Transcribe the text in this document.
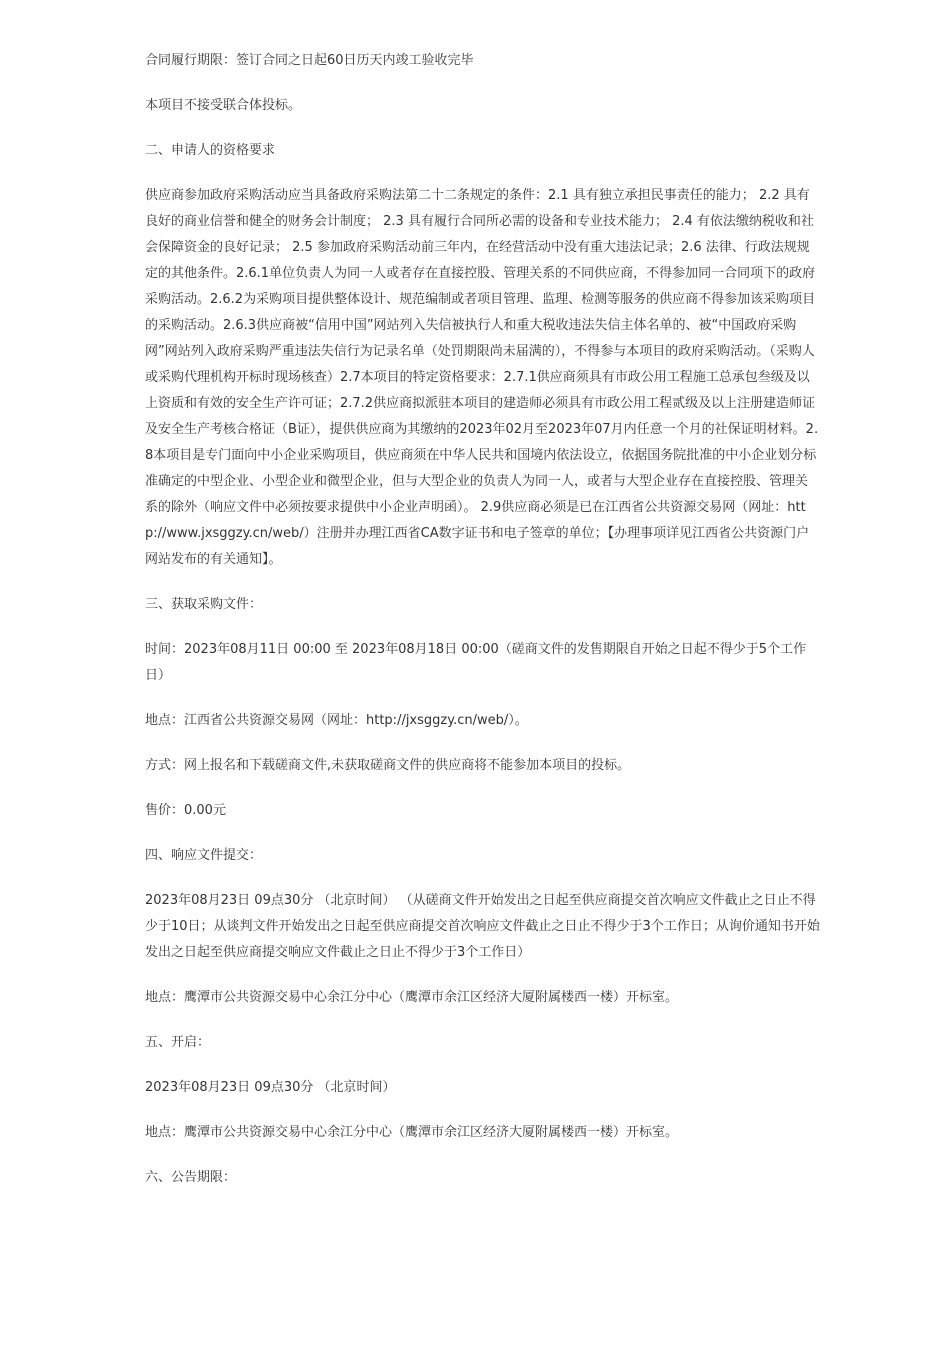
合同履行期限：签订合同之日起60日历天内竣工验收完毕

本项目不接受联合体投标。

二、申请人的资格要求

供应商参加政府采购活动应当具备政府采购法第二十二条规定的条件：2.1 具有独立承担民事责任的能力； 2.2 具有良好的商业信誉和健全的财务会计制度； 2.3 具有履行合同所必需的设备和专业技术能力； 2.4 有依法缴纳税收和社会保障资金的良好记录； 2.5 参加政府采购活动前三年内，在经营活动中没有重大违法记录；2.6 法律、行政法规规定的其他条件。2.6.1单位负责人为同一人或者存在直接控股、管理关系的不同供应商，不得参加同一合同项下的政府采购活动。2.6.2为采购项目提供整体设计、规范编制或者项目管理、监理、检测等服务的供应商不得参加该采购项目的采购活动。2.6.3供应商被“信用中国”网站列入失信被执行人和重大税收违法失信主体名单的、被“中国政府采购网”网站列入政府采购严重违法失信行为记录名单（处罚期限尚未届满的），不得参与本项目的政府采购活动。（采购人或采购代理机构开标时现场核查）2.7本项目的特定资格要求：2.7.1供应商须具有市政公用工程施工总承包叁级及以上资质和有效的安全生产许可证；2.7.2供应商拟派驻本项目的建造师必须具有市政公用工程贰级及以上注册建造师证及安全生产考核合格证（B证），提供供应商为其缴纳的2023年02月至2023年07月内任意一个月的社保证明材料。2.8本项目是专门面向中小企业采购项目，供应商须在中华人民共和国境内依法设立，依据国务院批准的中小企业划分标准确定的中型企业、小型企业和微型企业，但与大型企业的负责人为同一人，或者与大型企业存在直接控股、管理关系的除外（响应文件中必须按要求提供中小企业声明函）。 2.9供应商必须是已在江西省公共资源交易网（网址：http://www.jxsggzy.cn/web/）注册并办理江西省CA数字证书和电子签章的单位；【办理事项详见江西省公共资源门户网站发布的有关通知】。

三、获取采购文件：

时间：2023年08月11日 00:00 至 2023年08月18日 00:00（磋商文件的发售期限自开始之日起不得少于5个工作日）

地点：江西省公共资源交易网（网址：http://jxsggzy.cn/web/）。

方式：网上报名和下载磋商文件,未获取磋商文件的供应商将不能参加本项目的投标。

售价：0.00元

四、响应文件提交：

2023年08月23日 09点30分 （北京时间） （从磋商文件开始发出之日起至供应商提交首次响应文件截止之日止不得少于10日；从谈判文件开始发出之日起至供应商提交首次响应文件截止之日止不得少于3个工作日；从询价通知书开始发出之日起至供应商提交响应文件截止之日止不得少于3个工作日）

地点：鹰潭市公共资源交易中心余江分中心（鹰潭市余江区经济大厦附属楼西一楼）开标室。

五、开启：

2023年08月23日 09点30分 （北京时间）

地点：鹰潭市公共资源交易中心余江分中心（鹰潭市余江区经济大厦附属楼西一楼）开标室。

六、公告期限：
